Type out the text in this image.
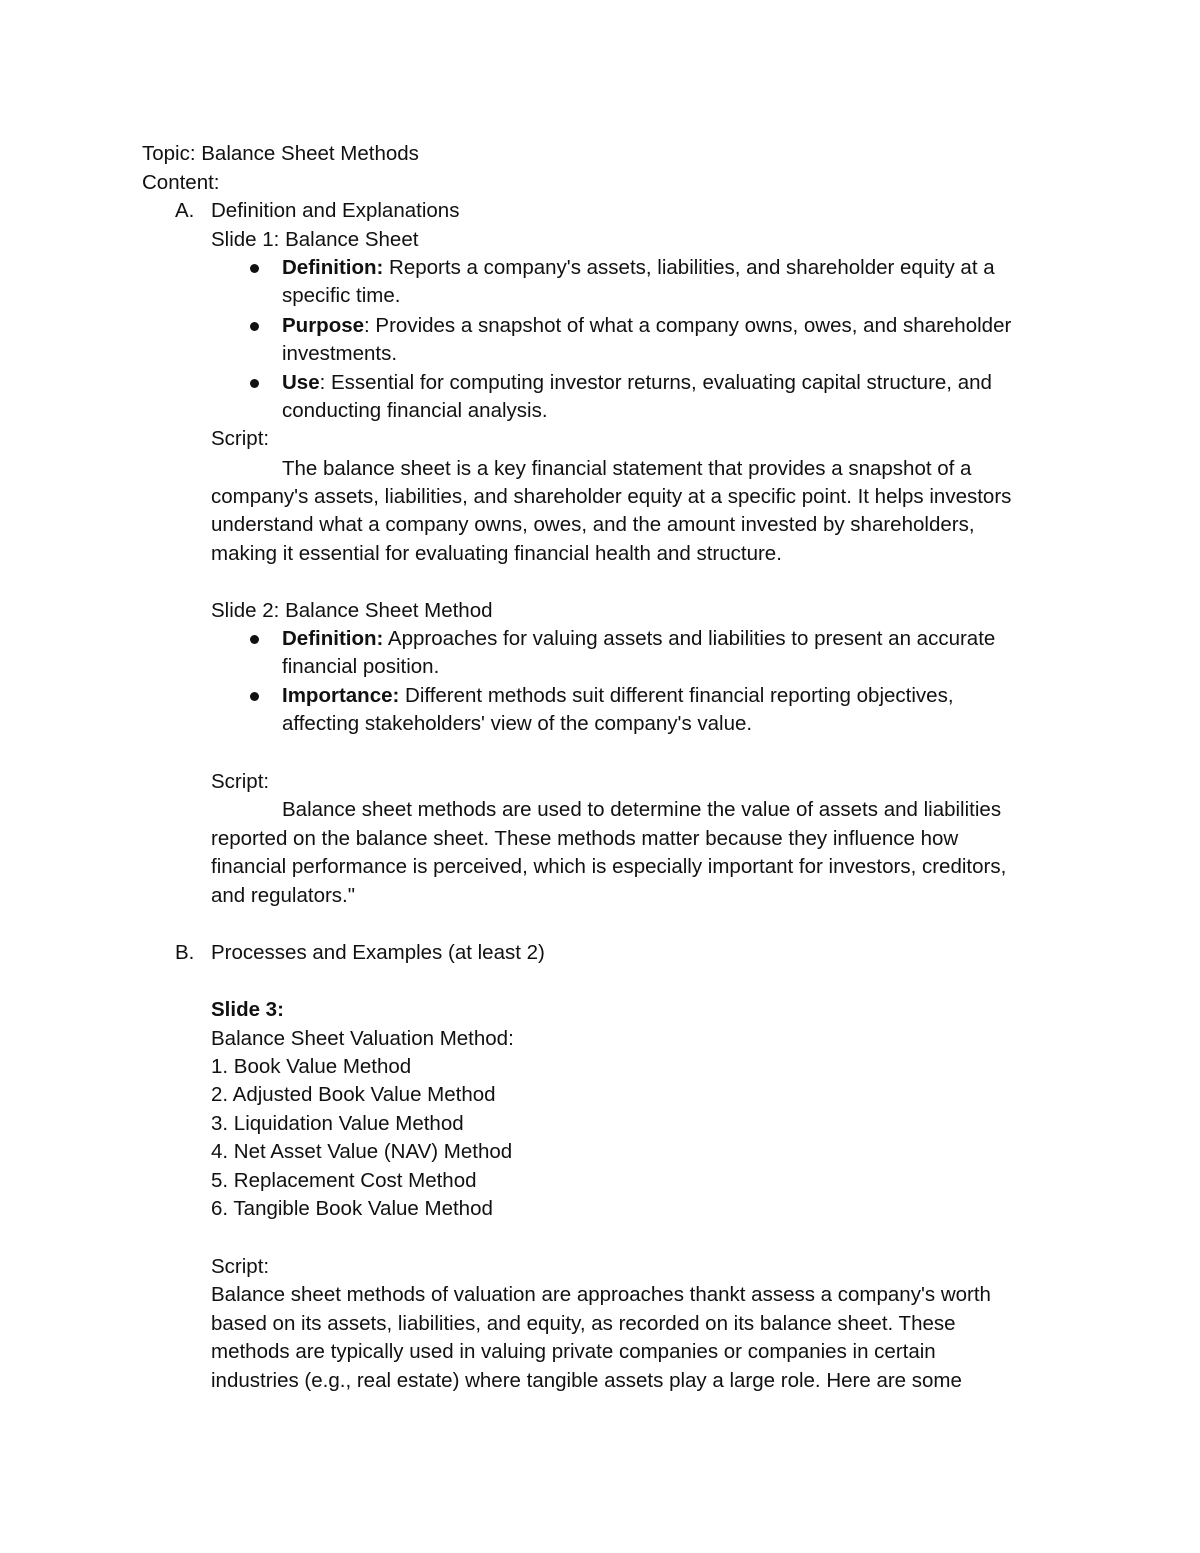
Topic: Balance Sheet Methods
Content:
A. Definition and Explanations
Slide 1: Balance Sheet
Definition: Reports a company's assets, liabilities, and shareholder equity at a
specific time.
Purpose: Provides a snapshot of what a company owns, owes, and shareholder
investments.
Use: Essential for computing investor returns, evaluating capital structure, and
conducting financial analysis.
Script:
The balance sheet is a key financial statement that provides a snapshot of a
company's assets, liabilities, and shareholder equity at a specific point. It helps investors
understand what a company owns, owes, and the amount invested by shareholders,
making it essential for evaluating financial health and structure.
Slide 2: Balance Sheet Method
Definition: Approaches for valuing assets and liabilities to present an accurate
financial position.
Importance: Different methods suit different financial reporting objectives,
affecting stakeholders' view of the company's value.
Script:
Balance sheet methods are used to determine the value of assets and liabilities
reported on the balance sheet. These methods matter because they influence how
financial performance is perceived, which is especially important for investors, creditors,
and regulators."
B. Processes and Examples (at least 2)
Slide 3:
Balance Sheet Valuation Method:
1. Book Value Method
2. Adjusted Book Value Method
3. Liquidation Value Method
4. Net Asset Value (NAV) Method
5. Replacement Cost Method
6. Tangible Book Value Method
Script:
Balance sheet methods of valuation are approaches thankt assess a company's worth
based on its assets, liabilities, and equity, as recorded on its balance sheet. These
methods are typically used in valuing private companies or companies in certain
industries (e.g., real estate) where tangible assets play a large role. Here are some
